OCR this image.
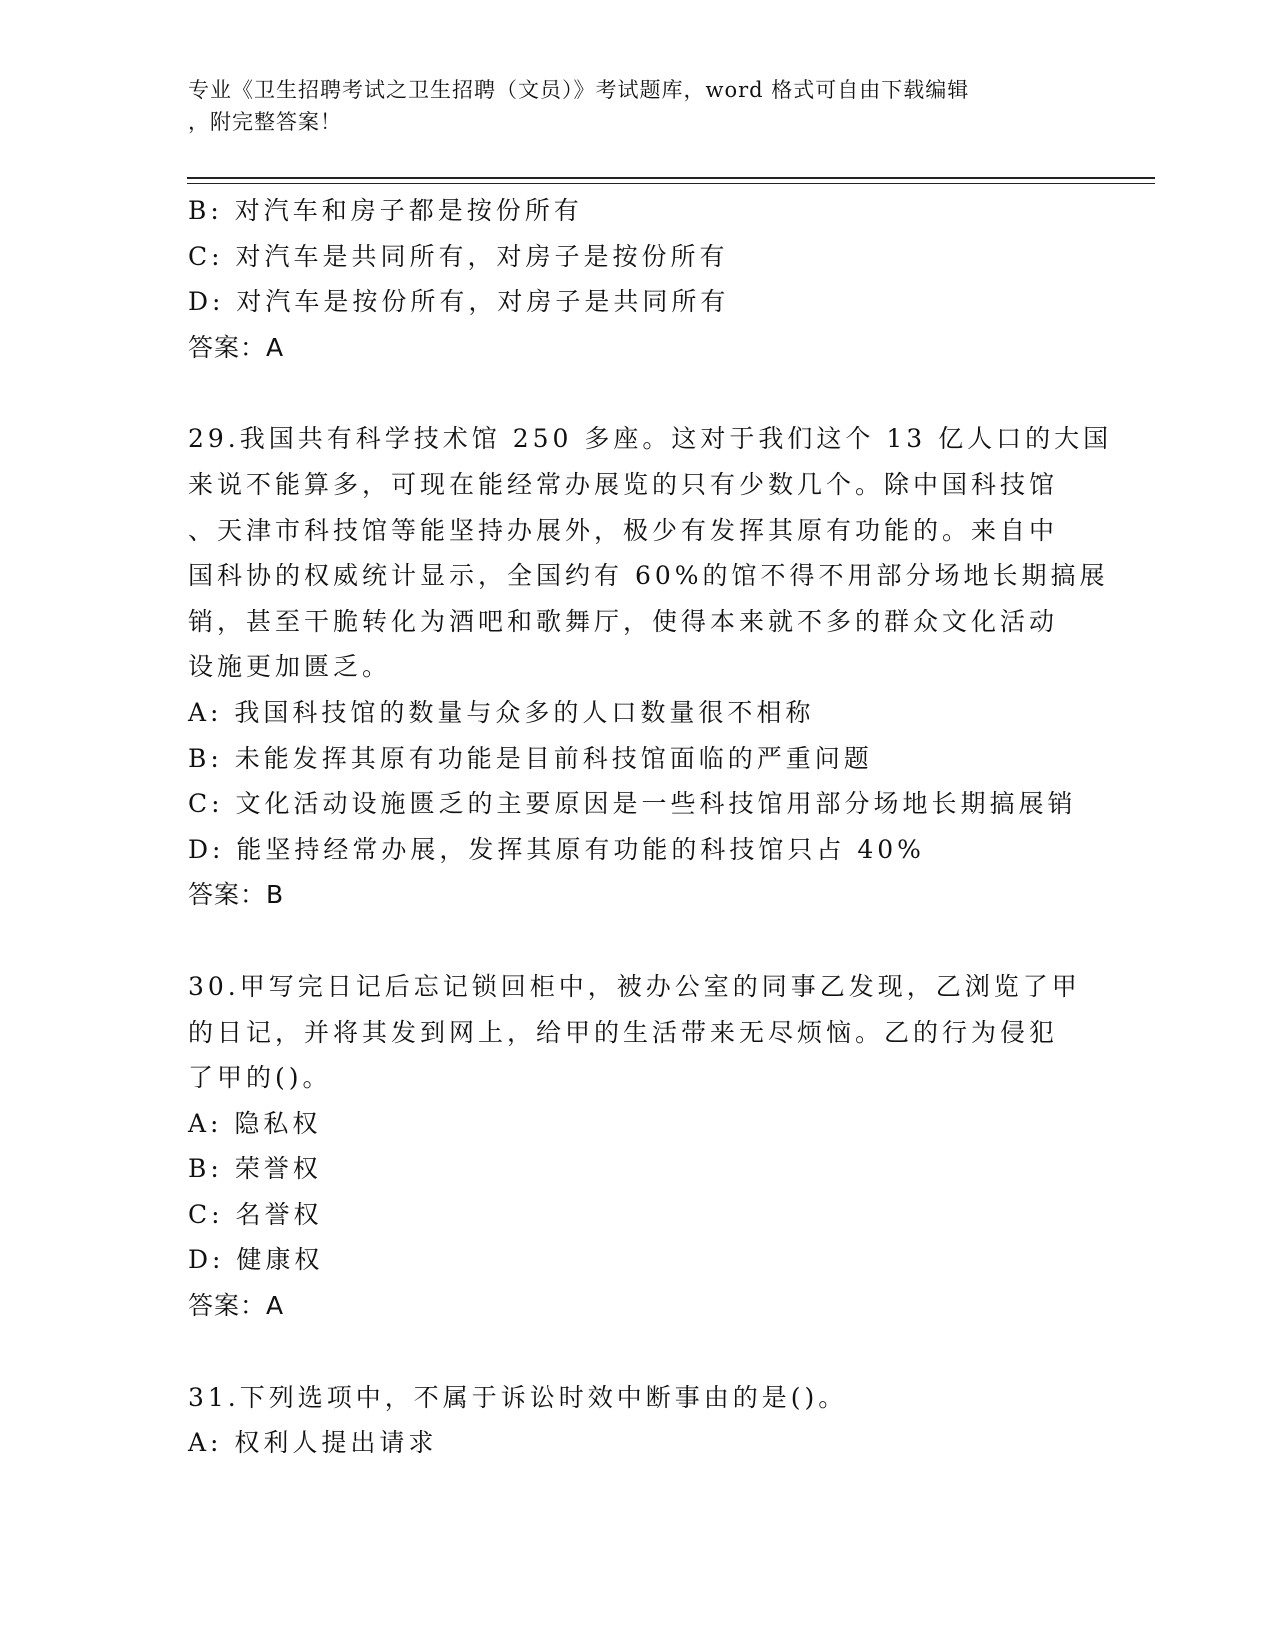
专业《卫生招聘考试之卫生招聘（文员）》考试题库，word 格式可自由下载编辑
，附完整答案！
B: 对汽车和房子都是按份所有
C: 对汽车是共同所有，对房子是按份所有
D: 对汽车是按份所有，对房子是共同所有
答案：A
29.我国共有科学技术馆 250 多座。这对于我们这个 13 亿人口的大国
来说不能算多，可现在能经常办展览的只有少数几个。除中国科技馆
、天津市科技馆等能坚持办展外，极少有发挥其原有功能的。来自中
国科协的权威统计显示，全国约有 60%的馆不得不用部分场地长期搞展
销，甚至干脆转化为酒吧和歌舞厅，使得本来就不多的群众文化活动
设施更加匮乏。
A: 我国科技馆的数量与众多的人口数量很不相称
B: 未能发挥其原有功能是目前科技馆面临的严重问题
C: 文化活动设施匮乏的主要原因是一些科技馆用部分场地长期搞展销
D: 能坚持经常办展，发挥其原有功能的科技馆只占 40%
答案：B
30.甲写完日记后忘记锁回柜中，被办公室的同事乙发现，乙浏览了甲
的日记，并将其发到网上，给甲的生活带来无尽烦恼。乙的行为侵犯
了甲的()。
A: 隐私权
B: 荣誉权
C: 名誉权
D: 健康权
答案：A
31.下列选项中，不属于诉讼时效中断事由的是()。
A: 权利人提出请求
